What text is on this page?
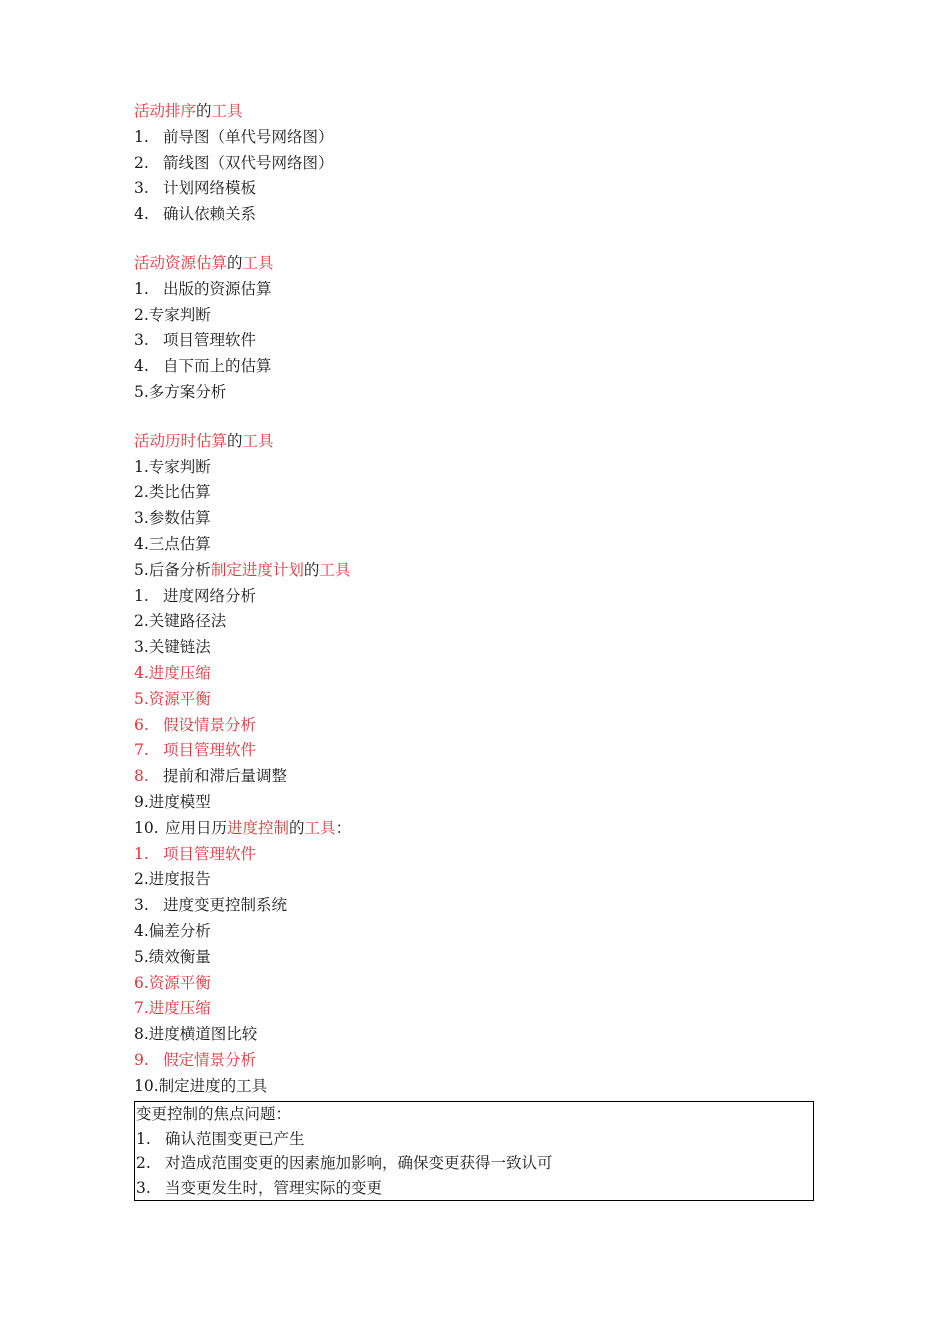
活动排序的工具
1. 前导图（单代号网络图）
2. 箭线图（双代号网络图）
3. 计划网络模板
4. 确认依赖关系
活动资源估算的工具
1. 出版的资源估算
2.专家判断
3. 项目管理软件
4. 自下而上的估算
5.多方案分析
活动历时估算的工具
1.专家判断
2.类比估算
3.参数估算
4.三点估算
5.后备分析制定进度计划的工具
1. 进度网络分析
2.关键路径法
3.关键链法
4.进度压缩
5.资源平衡
6. 假设情景分析
7. 项目管理软件
8. 提前和滞后量调整
9.进度模型
10. 应用日历进度控制的工具：
1. 项目管理软件
2.进度报告
3. 进度变更控制系统
4.偏差分析
5.绩效衡量
6.资源平衡
7.进度压缩
8.进度横道图比较
9. 假定情景分析
10.制定进度的工具
变更控制的焦点问题：
1. 确认范围变更已产生
2. 对造成范围变更的因素施加影响，确保变更获得一致认可
3. 当变更发生时，管理实际的变更
